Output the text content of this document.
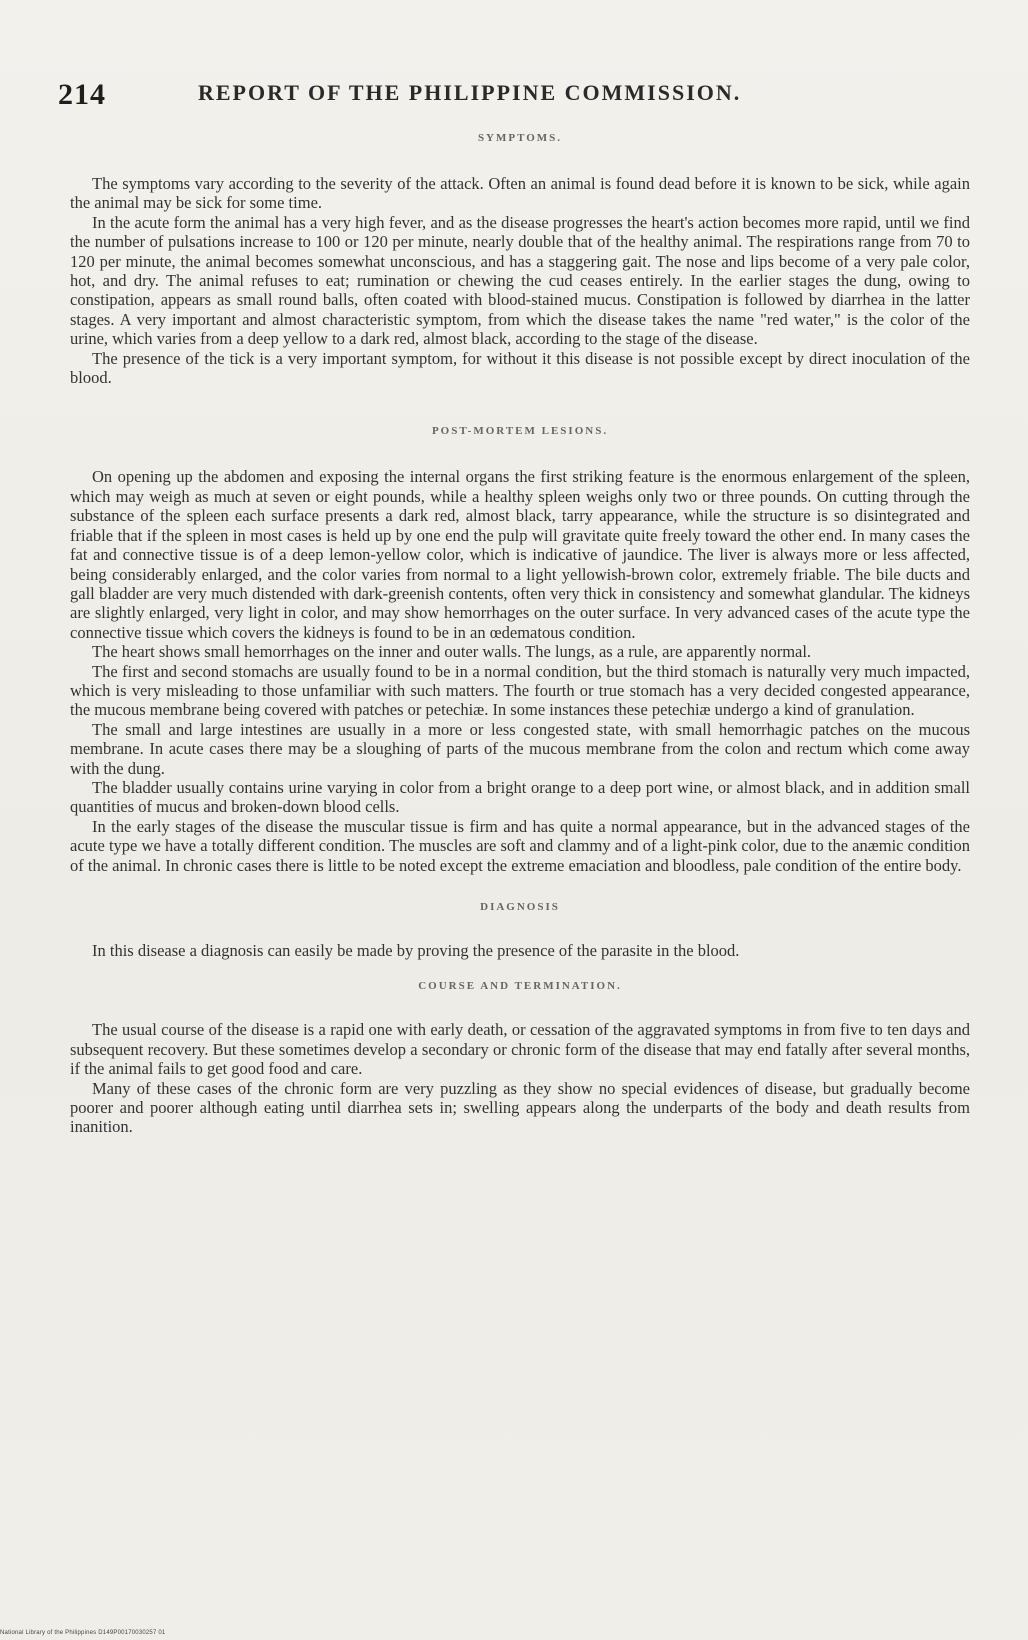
214	REPORT OF THE PHILIPPINE COMMISSION.
SYMPTOMS.

The symptoms vary according to the severity of the attack. Often an animal is found dead before it is known to be sick, while again the animal may be sick for some time.

In the acute form the animal has a very high fever, and as the disease progresses the heart's action becomes more rapid, until we find the number of pulsations increase to 100 or 120 per minute, nearly double that of the healthy animal. The respirations range from 70 to 120 per minute, the animal becomes somewhat unconscious, and has a staggering gait. The nose and lips become of a very pale color, hot, and dry. The animal refuses to eat; rumination or chewing the cud ceases entirely. In the earlier stages the dung, owing to constipation, appears as small round balls, often coated with blood-stained mucus. Constipation is followed by diarrhea in the latter stages. A very important and almost characteristic symptom, from which the disease takes the name "red water," is the color of the urine, which varies from a deep yellow to a dark red, almost black, according to the stage of the disease.

The presence of the tick is a very important symptom, for without it this disease is not possible except by direct inoculation of the blood.

POST-MORTEM LESIONS.

On opening up the abdomen and exposing the internal organs the first striking feature is the enormous enlargement of the spleen, which may weigh as much at seven or eight pounds, while a healthy spleen weighs only two or three pounds. On cutting through the substance of the spleen each surface presents a dark red, almost black, tarry appearance, while the structure is so disintegrated and friable that if the spleen in most cases is held up by one end the pulp will gravitate quite freely toward the other end. In many cases the fat and connective tissue is of a deep lemon-yellow color, which is indicative of jaundice. The liver is always more or less affected, being considerably enlarged, and the color varies from normal to a light yellowish-brown color, extremely friable. The bile ducts and gall bladder are very much distended with dark-greenish contents, often very thick in consistency and somewhat glandular. The kidneys are slightly enlarged, very light in color, and may show hemorrhages on the outer surface. In very advanced cases of the acute type the connective tissue which covers the kidneys is found to be in an œdematous condition.

The heart shows small hemorrhages on the inner and outer walls. The lungs, as a rule, are apparently normal.

The first and second stomachs are usually found to be in a normal condition, but the third stomach is naturally very much impacted, which is very misleading to those unfamiliar with such matters. The fourth or true stomach has a very decided congested appearance, the mucous membrane being covered with patches or petechiæ. In some instances these petechiæ undergo a kind of granulation.

The small and large intestines are usually in a more or less congested state, with small hemorrhagic patches on the mucous membrane. In acute cases there may be a sloughing of parts of the mucous membrane from the colon and rectum which come away with the dung.

The bladder usually contains urine varying in color from a bright orange to a deep port wine, or almost black, and in addition small quantities of mucus and broken-down blood cells.

In the early stages of the disease the muscular tissue is firm and has quite a normal appearance, but in the advanced stages of the acute type we have a totally different condition. The muscles are soft and clammy and of a light-pink color, due to the anæmic condition of the animal. In chronic cases there is little to be noted except the extreme emaciation and bloodless, pale condition of the entire body.

DIAGNOSIS

In this disease a diagnosis can easily be made by proving the presence of the parasite in the blood.

COURSE AND TERMINATION.

The usual course of the disease is a rapid one with early death, or cessation of the aggravated symptoms in from five to ten days and subsequent recovery. But these sometimes develop a secondary or chronic form of the disease that may end fatally after several months, if the animal fails to get good food and care.

Many of these cases of the chronic form are very puzzling as they show no special evidences of disease, but gradually become poorer and poorer although eating until diarrhea sets in; swelling appears along the underparts of the body and death results from inanition.

National Library of the Philippines D149P00170030257 01
